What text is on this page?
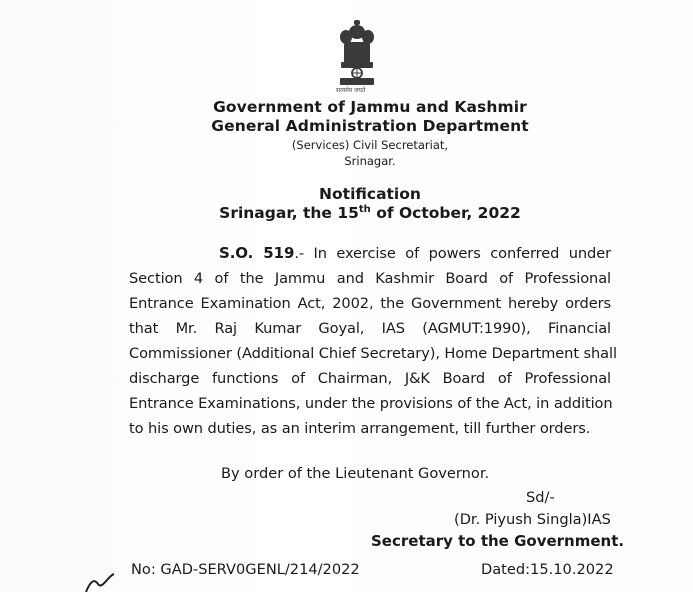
सत्यमेव जयते
Government of Jammu and Kashmir
General Administration Department
(Services) Civil Secretariat,
Srinagar.
Notification
Srinagar, the 15th of October, 2022
S.O. 519.- In exercise of powers conferred under
Section 4 of the Jammu and Kashmir Board of Professional
Entrance Examination Act, 2002, the Government hereby orders
that Mr. Raj Kumar Goyal, IAS (AGMUT:1990), Financial
Commissioner (Additional Chief Secretary), Home Department shall
discharge functions of Chairman, J&K Board of Professional
Entrance Examinations, under the provisions of the Act, in addition
to his own duties, as an interim arrangement, till further orders.
By order of the Lieutenant Governor.
Sd/-
(Dr. Piyush Singla)IAS
Secretary to the Government.
No: GAD-SERV0GENL/214/2022	Dated:15.10.2022
